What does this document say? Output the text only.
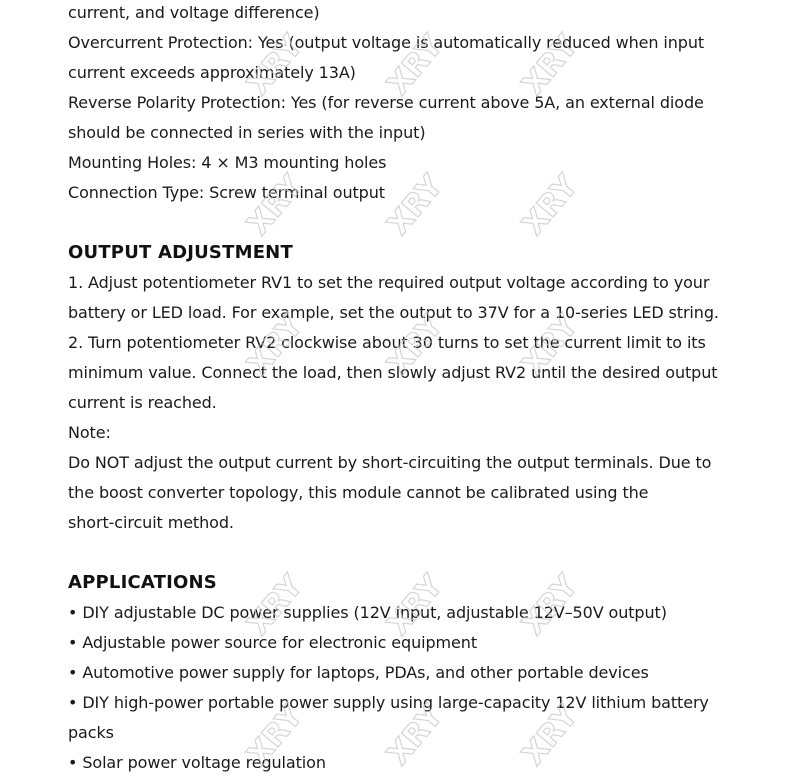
current, and voltage difference)
Overcurrent Protection: Yes (output voltage is automatically reduced when input
current exceeds approximately 13A)
Reverse Polarity Protection: Yes (for reverse current above 5A, an external diode
should be connected in series with the input)
Mounting Holes: 4 × M3 mounting holes
Connection Type: Screw terminal output
OUTPUT ADJUSTMENT
1. Adjust potentiometer RV1 to set the required output voltage according to your
battery or LED load. For example, set the output to 37V for a 10-series LED string.
2. Turn potentiometer RV2 clockwise about 30 turns to set the current limit to its
minimum value. Connect the load, then slowly adjust RV2 until the desired output
current is reached.
Note:
Do NOT adjust the output current by short-circuiting the output terminals. Due to
the boost converter topology, this module cannot be calibrated using the
short-circuit method.
APPLICATIONS
• DIY adjustable DC power supplies (12V input, adjustable 12V–50V output)
• Adjustable power source for electronic equipment
• Automotive power supply for laptops, PDAs, and other portable devices
• DIY high-power portable power supply using large-capacity 12V lithium battery
packs
• Solar power voltage regulation
XRY XRY XRY
XRY XRY XRY
XRY XRY XRY
XRY XRY XRY
XRY XRY XRY
